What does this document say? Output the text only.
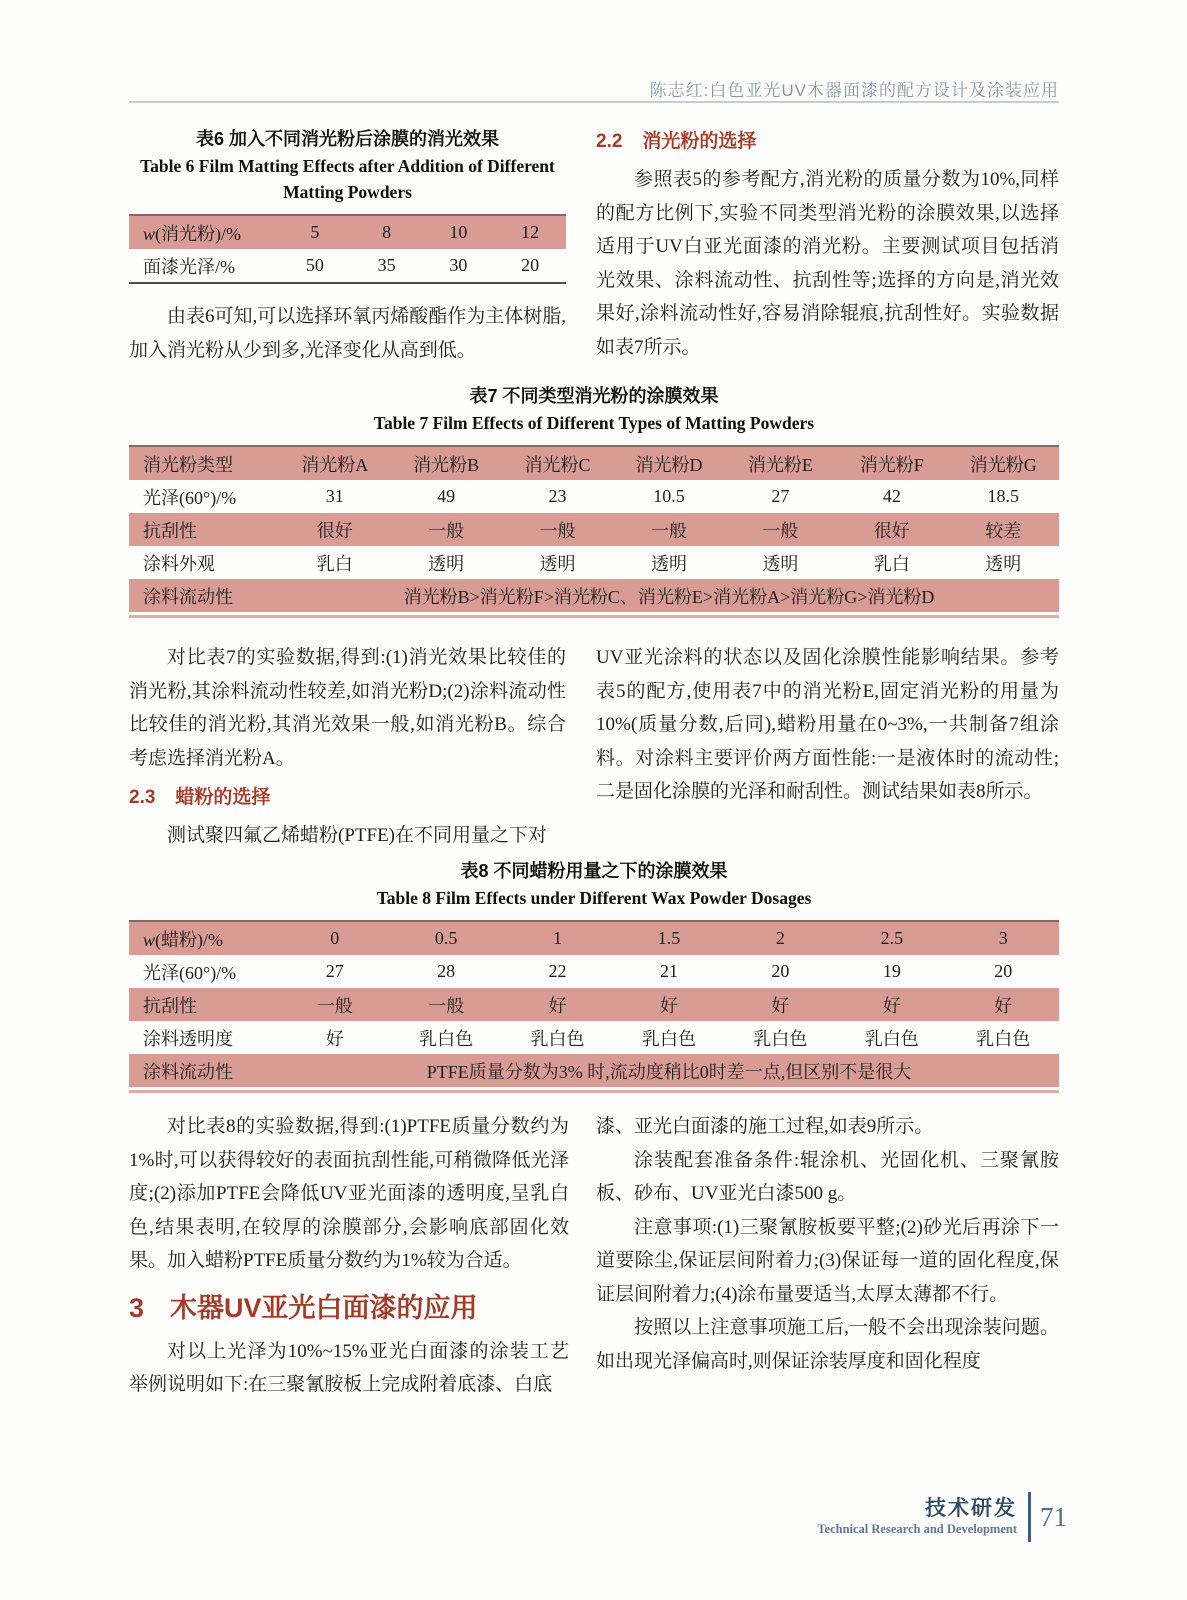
陈志红:白色亚光UV木器面漆的配方设计及涂装应用
表6 加入不同消光粉后涂膜的消光效果
Table 6 Film Matting Effects after Addition of Different
Matting Powders
w(消光粉)/%	5	8	10	12
面漆光泽/%	50	35	30	20

由表6可知,可以选择环氧丙烯酸酯作为主体树脂,加入消光粉从少到多,光泽变化从高到低。

2.2 消光粉的选择

参照表5的参考配方,消光粉的质量分数为10%,同样的配方比例下,实验不同类型消光粉的涂膜效果,以选择适用于UV白亚光面漆的消光粉。主要测试项目包括消光效果、涂料流动性、抗刮性等;选择的方向是,消光效果好,涂料流动性好,容易消除辊痕,抗刮性好。实验数据如表7所示。

表7 不同类型消光粉的涂膜效果
Table 7 Film Effects of Different Types of Matting Powders
消光粉类型	消光粉A	消光粉B	消光粉C	消光粉D	消光粉E	消光粉F	消光粉G
光泽(60°)/%	31	49	23	10.5	27	42	18.5
抗刮性	很好	一般	一般	一般	一般	很好	较差
涂料外观	乳白	透明	透明	透明	透明	乳白	透明
涂料流动性	消光粉B>消光粉F>消光粉C、消光粉E>消光粉A>消光粉G>消光粉D						

对比表7的实验数据,得到:(1)消光效果比较佳的消光粉,其涂料流动性较差,如消光粉D;(2)涂料流动性比较佳的消光粉,其消光效果一般,如消光粉B。综合考虑选择消光粉A。

2.3 蜡粉的选择

测试聚四氟乙烯蜡粉(PTFE)在不同用量之下对

UV亚光涂料的状态以及固化涂膜性能影响结果。参考表5的配方,使用表7中的消光粉E,固定消光粉的用量为10%(质量分数,后同),蜡粉用量在0~3%,一共制备7组涂料。对涂料主要评价两方面性能:一是液体时的流动性;二是固化涂膜的光泽和耐刮性。测试结果如表8所示。

表8 不同蜡粉用量之下的涂膜效果
Table 8 Film Effects under Different Wax Powder Dosages
w(蜡粉)/%	0	0.5	1	1.5	2	2.5	3
光泽(60°)/%	27	28	22	21	20	19	20
抗刮性	一般	一般	好	好	好	好	好
涂料透明度	好	乳白色	乳白色	乳白色	乳白色	乳白色	乳白色
涂料流动性	PTFE质量分数为3% 时,流动度稍比0时差一点,但区别不是很大						

对比表8的实验数据,得到:(1)PTFE质量分数约为1%时,可以获得较好的表面抗刮性能,可稍微降低光泽度;(2)添加PTFE会降低UV亚光面漆的透明度,呈乳白色,结果表明,在较厚的涂膜部分,会影响底部固化效果。加入蜡粉PTFE质量分数约为1%较为合适。

3 木器UV亚光白面漆的应用

对以上光泽为10%~15%亚光白面漆的涂装工艺举例说明如下:在三聚氰胺板上完成附着底漆、白底

漆、亚光白面漆的施工过程,如表9所示。

涂装配套准备条件:辊涂机、光固化机、三聚氰胺板、砂布、UV亚光白漆500 g。

注意事项:(1)三聚氰胺板要平整;(2)砂光后再涂下一道要除尘,保证层间附着力;(3)保证每一道的固化程度,保证层间附着力;(4)涂布量要适当,太厚太薄都不行。

按照以上注意事项施工后,一般不会出现涂装问题。如出现光泽偏高时,则保证涂装厚度和固化程度

技术研发
Technical Research and Development 71
